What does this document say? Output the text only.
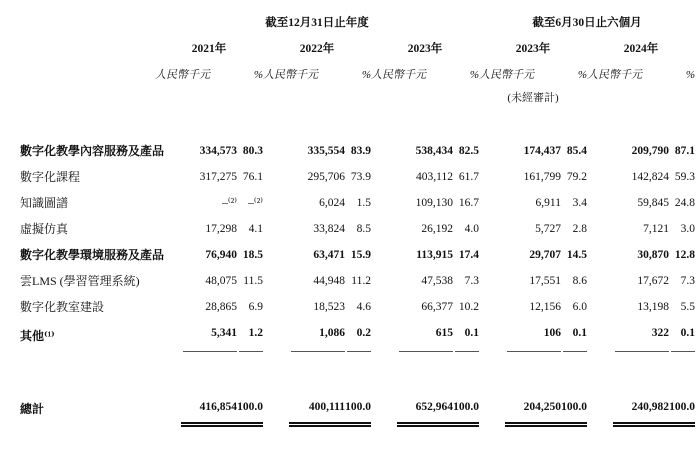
	截至12月31日止年度						截至6月30日止六個月			
	2021年		2022年		2023年		2023年		2024年	
	人民幣千元	%	人民幣千元	%	人民幣千元	%	人民幣千元	%	人民幣千元	%
							(未經審計)			

數字化教學內容服務及產品	334,573	80.3	335,554	83.9	538,434	82.5	174,437	85.4	209,790	87.1
數字化課程	317,275	76.1	295,706	73.9	403,112	61.7	161,799	79.2	142,824	59.3
知識圖譜	–⁽²⁾	–⁽²⁾	6,024	1.5	109,130	16.7	6,911	3.4	59,845	24.8
虛擬仿真	17,298	4.1	33,824	8.5	26,192	4.0	5,727	2.8	7,121	3.0
數字化教學環境服務及產品	76,940	18.5	63,471	15.9	113,915	17.4	29,707	14.5	30,870	12.8
雲LMS (學習管理系統)	48,075	11.5	44,948	11.2	47,538	7.3	17,551	8.6	17,672	7.3
數字化教室建設	28,865	6.9	18,523	4.6	66,377	10.2	12,156	6.0	13,198	5.5
其他⁽¹⁾	5,341	1.2	1,086	0.2	615	0.1	106	0.1	322	0.1

總計	416,854	100.0	400,111	100.0	652,964	100.0	204,250	100.0	240,982	100.0
